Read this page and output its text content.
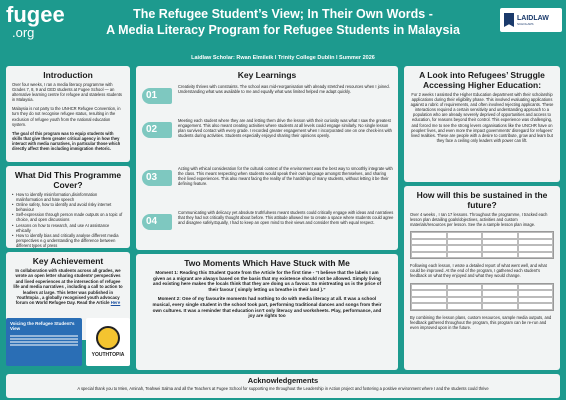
fugee
.org
The Refugee Student’s View; In Their Own Words -
A Media Literacy Program for Refugee Students in Malaysia
LAIDLAW
SCHOLARS
Laidlaw Scholar: Rwan Elmileik I Trinity College Dublin I Summer 2026
Introduction
Over four weeks, I ran a media literacy programme with Grades 7, 8, 9 and GED students at Fugee School — an alternative learning centre for refugee and stateless students in Malaysia.
Malaysia is not party to the UNHCR Refugee Convention, in turn they do not recognise refugee status, resulting in the exclusion of refugee youth from the national education system.
The goal of this program was to equip students with skills that give them greater critical agency in how they interact with media narratives, in particular those which directly affect them including immigration rhetoric.
What Did This Programme Cover?
• How to identify misinformation,disinformation malinformation and hate speech
• Online safety, how to identify and avoid risky internet behaviour
• Self-expression through person made outputs on a topic of choice, and open discussions
• Lessons on how to research, and use AI assistance ethically
• How to identify bias and critically analyse different media perspectives e.g understanding the difference between different types of press
Key Achievement
In collaboration with students across all grades, we wrote an open letter sharing students’ perspectives and lived experiences at the intersection of refugee life and media narratives , including a call to action to leaders at large. This letter was published in Youthtopia , a globally recognised youth advocacy forum on World Refugee Day. Read the Article Here
Voicing the Refugee Student’s View
YOUTHTOPIA
Key Learnings
01
Creativity thrives with constraints. The school was mid-reorganisation with already stretched resources when I joined. Understanding what was available to me and equally what was limited helped me adapt quickly.
02
Meeting each student where they are and letting them drive the lesson with their curiosity was what I saw the greatest engagement. This also meant creating activities where students at all levels could engage similarly. No single lesson plan survived contact with every grade. I recorded greater engagement when I incorporated one on one check-ins with students during activities. Students especially enjoyed sharing their opinions openly.
03
Acting with ethical consideration for the cultural context of the environment was the best way to smoothly integrate with the class. This meant respecting when students would speak their own language amongst themselves, and sharing their lived experiences. This also meant facing the reality of the hardships of many students, without letting it be their defining feature.
04
Communicating with delicacy yet absolute truthfulness meant students could critically engage with ideas and narratives that they had not critically thought about before. This attitude allowed me to create a space where students could agree and disagree safely.Equally, I had to keep an open mind to their views and consider them with equal respect.
Two Moments Which Have Stuck with Me
Moment 1: Reading this Student Quote from the Article for the first time - “I believe that the labels I am given as a migrant are always based on the basis that my existence should not be allowed. Simply living and existing here makes the locals think that they are doing us a favour. So mistreating us is the price of their favour ( simply letting us breathe in their land ).”
Moment 2: One of my favourite moments had nothing to do with media literacy at all. It was a school musical, every single student in the school took part, performing traditional dances and songs from their own cultures. It was a reminder that education isn’t only literacy and worksheets. Play, performance, and joy are rights too
A Look into Refugees’ Struggle Accessing Higher Education:
For 2 weeks I assisted the Higher Education department with their scholarship applications during their eligibility phase. This involved evaluating applications against a rubric of requirements, and often involved rejecting applicants. These interactions required a certain sensitivity and understanding approach to a population who are already severely deprived of opportunities and access to education, for reasons beyond their control. This experience was challenging, and forced me to see the strong levers organisations like the UNCHR have on peoples’ lives, and even more the impact governments’ disregard for refugees’ lived realities. These are people with a desire to contribute, grow and learn but they face a ceiling only leaders with power can lift.
How will this be sustained in the future?
Over 4 weeks , I ran 17 lessons. Throughout the programme, I tracked each lesson plan detailing goals/objectives, activities and custom materials/resources per lesson. See the a sample lesson plan image.
Following each lesson, I wrote a detailed report of what went well, and what could be improved. At the end of the program, I gathered each student’s feedback on what they enjoyed and what they would change.
By combining the lesson plans, custom resources, sample media outputs, and feedback gathered throughout the program, this program can be re-run and even improved upon in the future.
Acknowledgements
A special thank you to Mien, Aminah, Teahwei Salma and all the Teachers at Fugee School for supporting me throughout the Leadership in Action project and fostering a positive environment where I and the students could thrive
